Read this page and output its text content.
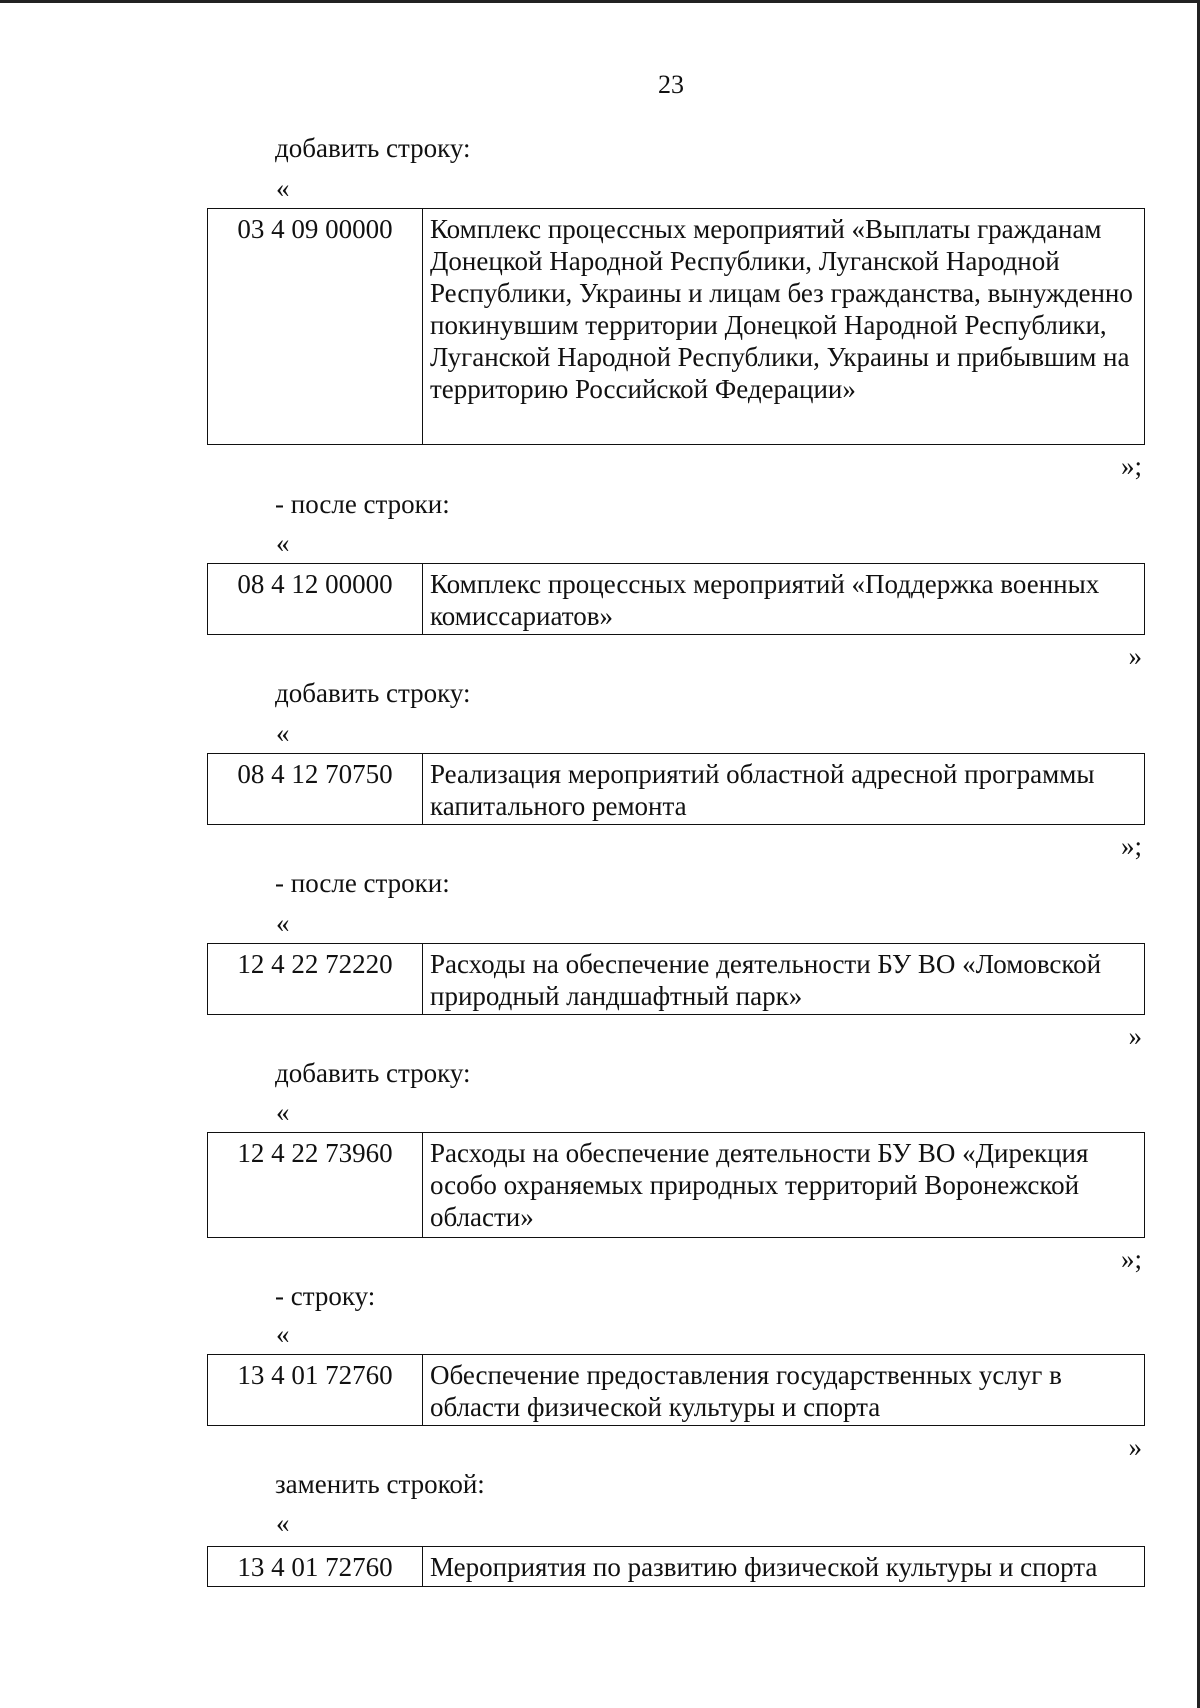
23
добавить строку:
«
03 4 09 00000	Комплекс процессных мероприятий «Выплаты гражданам Донецкой Народной Республики, Луганской Народной Республики, Украины и лицам без гражданства, вынужденно покинувшим территории Донецкой Народной Республики, Луганской Народной Республики, Украины и прибывшим на территорию Российской Федерации»
»;
- после строки:
«
08 4 12 00000	Комплекс процессных мероприятий «Поддержка военных комиссариатов»
»
добавить строку:
«
08 4 12 70750	Реализация мероприятий областной адресной программы капитального ремонта
»;
- после строки:
«
12 4 22 72220	Расходы на обеспечение деятельности БУ ВО «Ломовской природный ландшафтный парк»
»
добавить строку:
«
12 4 22 73960	Расходы на обеспечение деятельности БУ ВО «Дирекция особо охраняемых природных территорий Воронежской области»
»;
- строку:
«
13 4 01 72760	Обеспечение предоставления государственных услуг в области физической культуры и спорта
»
заменить строкой:
«
13 4 01 72760	Мероприятия по развитию физической культуры и спорта
